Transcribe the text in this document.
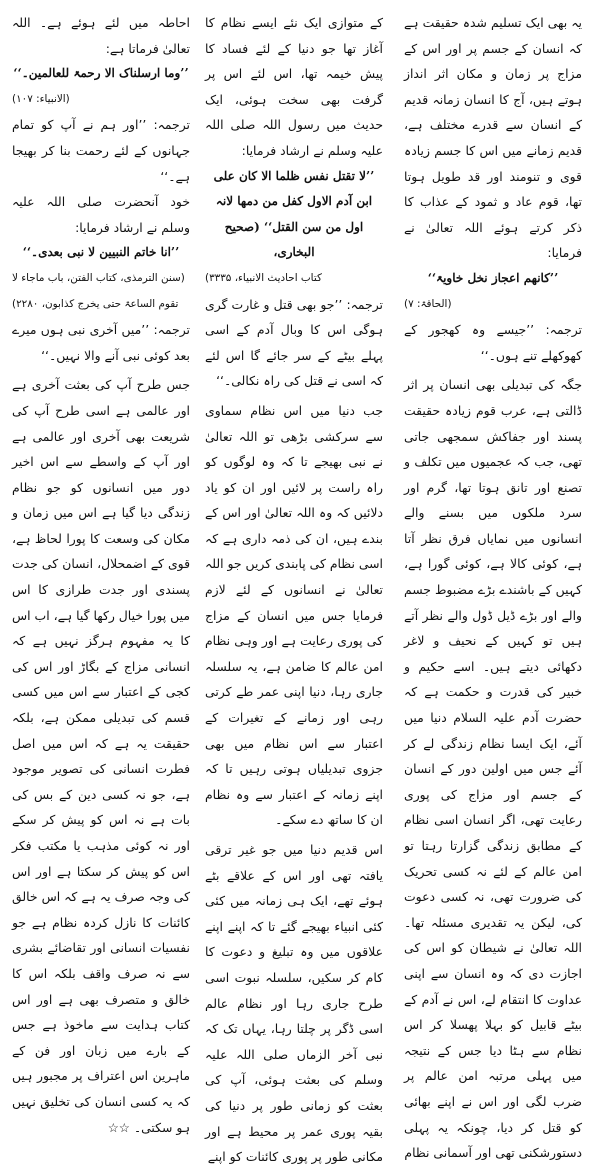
یہ بھی ایک تسلیم شدہ حقیقت ہے کہ انسان کے جسم پر اور اس کے مزاج پر زمان و مکان اثر انداز ہوتے ہیں، آج کا انسان زمانہ قدیم کے انسان سے قدرے مختلف ہے، قدیم زمانے میں اس کا جسم زیادہ قوی و تنومند اور قد طویل ہوتا تھا، قوم عاد و ثمود کے عذاب کا ذکر کرتے ہوئے اللہ تعالیٰ نے فرمایا:

’’کانھم اعجاز نخل خاویۃ‘‘

(الحاقۃ: ۷)

ترجمہ: ’’جیسے وہ کھجور کے کھوکھلے تنے ہوں۔‘‘

جگہ کی تبدیلی بھی انسان پر اثر ڈالتی ہے، عرب قوم زیادہ حقیقت پسند اور جفاکش سمجھی جاتی تھی، جب کہ عجمیوں میں تکلف و تصنع اور تانق ہوتا تھا، گرم اور سرد ملکوں میں بسنے والے انسانوں میں نمایاں فرق نظر آتا ہے، کوئی کالا ہے، کوئی گورا ہے، کہیں کے باشندے بڑے مضبوط جسم والے اور بڑے ڈیل ڈول والے نظر آتے ہیں تو کہیں کے نحیف و لاغر دکھائی دیتے ہیں۔ اسے حکیم و خبیر کی قدرت و حکمت ہے کہ حضرت آدم علیہ السلام دنیا میں آئے، ایک ایسا نظام زندگی لے کر آئے جس میں اولین دور کے انسان کے جسم اور مزاج کی پوری رعایت تھی، اگر انسان اسی نظام کے مطابق زندگی گزارتا رہتا تو امن عالم کے لئے نہ کسی تحریک کی ضرورت تھی، نہ کسی دعوت کی، لیکن یہ تقدیری مسئلہ تھا۔ اللہ تعالیٰ نے شیطان کو اس کی اجازت دی کہ وہ انسان سے اپنی عداوت کا انتقام لے، اس نے آدم کے بیٹے قابیل کو بہلا پھسلا کر اس نظام سے ہٹا دیا جس کے نتیجہ میں پہلی مرتبہ امن عالم پر ضرب لگی اور اس نے اپنے بھائی کو قتل کر دیا، چونکہ یہ پہلی دستورشکنی تھی اور آسمانی نظام

کے متوازی ایک نئے ایسے نظام کا آغاز تھا جو دنیا کے لئے فساد کا پیش خیمہ تھا، اس لئے اس پر گرفت بھی سخت ہوئی، ایک حدیث میں رسول اللہ صلی اللہ علیہ وسلم نے ارشاد فرمایا:

’’لا تقتل نفس ظلما الا کان علی ابن آدم الاول کفل من دمھا لانہ اول من سن القتل‘‘ (صحیح البخاری،

کتاب احادیث الانبیاء، ۳۳۳۵)

ترجمہ: ’’جو بھی قتل و غارت گری ہوگی اس کا وبال آدم کے اسی پہلے بیٹے کے سر جائے گا اس لئے کہ اسی نے قتل کی راہ نکالی۔‘‘

جب دنیا میں اس نظام سماوی سے سرکشی بڑھی تو اللہ تعالیٰ نے نبی بھیجے تا کہ وہ لوگوں کو راہ راست پر لائیں اور ان کو یاد دلائیں کہ وہ اللہ تعالیٰ اور اس کے بندے ہیں، ان کی ذمہ داری ہے کہ اسی نظام کی پابندی کریں جو اللہ تعالیٰ نے انسانوں کے لئے لازم فرمایا جس میں انسان کے مزاج کی پوری رعایت ہے اور وہی نظام امن عالم کا ضامن ہے، یہ سلسلہ جاری رہا، دنیا اپنی عمر طے کرتی رہی اور زمانے کے تغیرات کے اعتبار سے اس نظام میں بھی جزوی تبدیلیاں ہوتی رہیں تا کہ اپنے زمانہ کے اعتبار سے وہ نظام ان کا ساتھ دے سکے۔

اس قدیم دنیا میں جو غیر ترقی یافتہ تھی اور اس کے علاقے بٹے ہوئے تھے، ایک ہی زمانہ میں کئی کئی انبیاء بھیجے گئے تا کہ اپنے اپنے علاقوں میں وہ تبلیغ و دعوت کا کام کر سکیں، سلسلہ نبوت اسی طرح جاری رہا اور نظام عالم اسی ڈگر پر چلتا رہا، یہاں تک کہ نبی آخر الزماں صلی اللہ علیہ وسلم کی بعثت ہوئی، آپ کی بعثت کو زمانی طور پر دنیا کی بقیہ پوری عمر پر محیط ہے اور مکانی طور پر پوری کائنات کو اپنے

احاطہ میں لئے ہوئے ہے۔ اللہ تعالیٰ فرماتا ہے:

’’وما ارسلناک الا رحمۃ للعالمین۔‘‘

(الانبیاء: ۱۰۷)

ترجمہ: ’’اور ہم نے آپ کو تمام جہانوں کے لئے رحمت بنا کر بھیجا ہے۔‘‘

خود آنحضرت صلی اللہ علیہ وسلم نے ارشاد فرمایا:

’’انا خاتم النبیین لا نبی بعدی۔‘‘

(سنن الترمذی، کتاب الفتن، باب ماجاء لا تقوم الساعۃ حتی یخرج کذابون، ۲۲۸۰)

ترجمہ: ’’میں آخری نبی ہوں میرے بعد کوئی نبی آنے والا نہیں۔‘‘

جس طرح آپ کی بعثت آخری ہے اور عالمی ہے اسی طرح آپ کی شریعت بھی آخری اور عالمی ہے اور آپ کے واسطے سے اس اخیر دور میں انسانوں کو جو نظام زندگی دیا گیا ہے اس میں زمان و مکان کی وسعت کا پورا لحاظ ہے، قوی کے اضمحلال، انسان کی جدت پسندی اور جدت طرازی کا اس میں پورا خیال رکھا گیا ہے، اب اس کا یہ مفہوم ہرگز نہیں ہے کہ انسانی مزاج کے بگاڑ اور اس کی کجی کے اعتبار سے اس میں کسی قسم کی تبدیلی ممکن ہے، بلکہ حقیقت یہ ہے کہ اس میں اصل فطرت انسانی کی تصویر موجود ہے، جو نہ کسی دین کے بس کی بات ہے نہ اس کو پیش کر سکے اور نہ کوئی مذہب یا مکتب فکر اس کو پیش کر سکتا ہے اور اس کی وجہ صرف یہ ہے کہ اس خالق کائنات کا نازل کردہ نظام ہے جو نفسیات انسانی اور تقاضائے بشری سے نہ صرف واقف بلکہ اس کا خالق و متصرف بھی ہے اور اس کتاب ہدایت سے ماخوذ ہے جس کے بارے میں زبان اور فن کے ماہرین اس اعتراف پر مجبور ہیں کہ یہ کسی انسان کی تخلیق نہیں ہو سکتی۔ ☆☆
